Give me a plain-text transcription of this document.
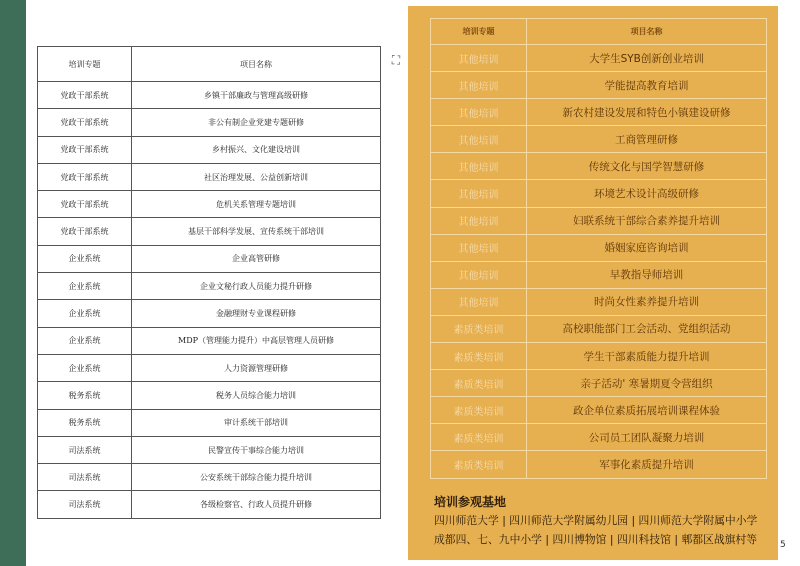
培训专题	项目名称
党政干部系统	乡镇干部廉政与管理高级研修
党政干部系统	非公有制企业党建专题研修
党政干部系统	乡村振兴、文化建设培训
党政干部系统	社区治理发展、公益创新培训
党政干部系统	危机关系管理专题培训
党政干部系统	基层干部科学发展、宣传系统干部培训
企业系统	企业高管研修
企业系统	企业文秘行政人员能力提升研修
企业系统	金融理财专业课程研修
企业系统	MDP（管理能力提升）中高层管理人员研修
企业系统	人力资源管理研修
税务系统	税务人员综合能力培训
税务系统	审计系统干部培训
司法系统	民警宣传干事综合能力培训
司法系统	公安系统干部综合能力提升培训
司法系统	各级检察官、行政人员提升研修
⛶
培训专题	项目名称
其他培训	大学生SYB创新创业培训
其他培训	学能提高教育培训
其他培训	新农村建设发展和特色小镇建设研修
其他培训	工商管理研修
其他培训	传统文化与国学智慧研修
其他培训	环境艺术设计高级研修
其他培训	妇联系统干部综合素养提升培训
其他培训	婚姻家庭咨询培训
其他培训	早教指导师培训
其他培训	时尚女性素养提升培训
素质类培训	高校职能部门工会活动、党组织活动
素质类培训	学生干部素质能力提升培训
素质类培训	亲子活动' 寒暑期夏令营组织
素质类培训	政企单位素质拓展培训课程体验
素质类培训	公司员工团队凝聚力培训
素质类培训	军事化素质提升培训
培训参观基地
四川师范大学 | 四川师范大学附属幼儿园 | 四川师范大学附属中小学
成都四、七、九中小学 | 四川博物馆 | 四川科技馆 | 郫都区战旗村等	5
